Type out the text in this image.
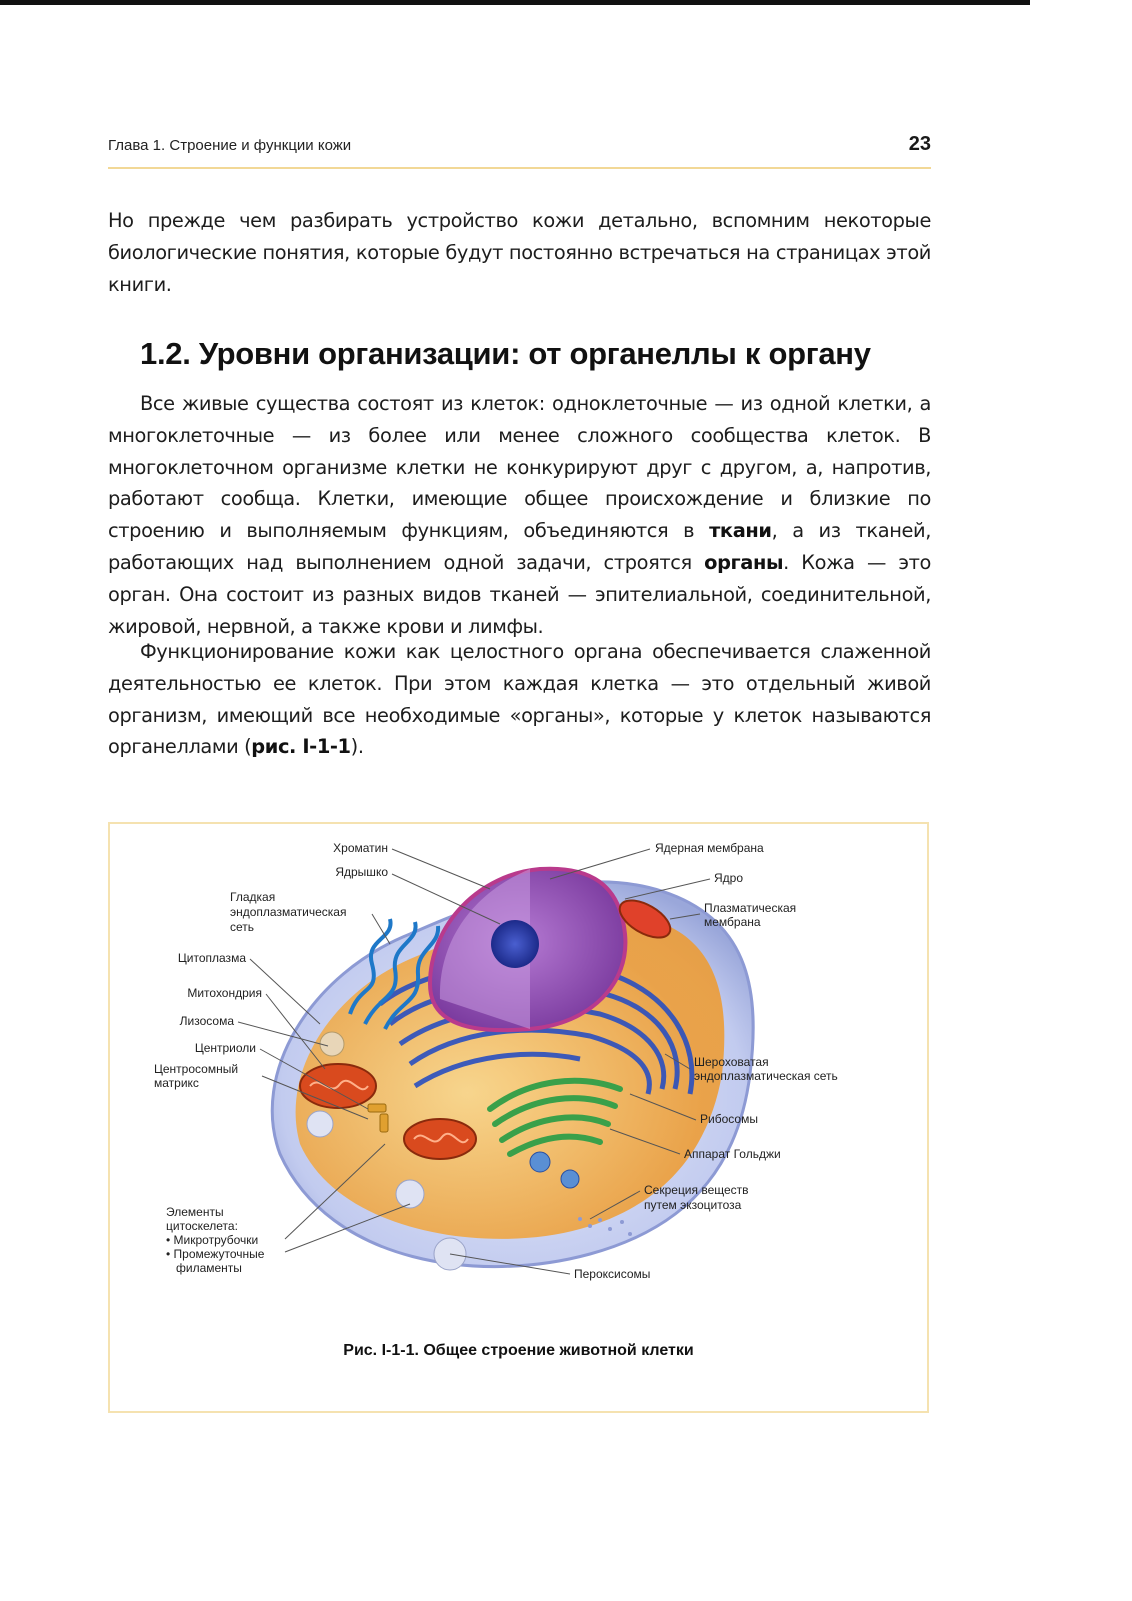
Глава 1. Строение и функции кожи	23

Но прежде чем разбирать устройство кожи детально, вспомним некоторые биологические понятия, которые будут постоянно встречаться на страницах этой книги.

1.2. Уровни организации: от органеллы к органу

Все живые существа состоят из клеток: одноклеточные — из одной клетки, а многоклеточные — из более или менее сложного сообщества клеток. В многоклеточном организме клетки не конкурируют друг с другом, а, напротив, работают сообща. Клетки, имеющие общее происхождение и близкие по строению и выполняемым функциям, объединяются в ткани, а из тканей, работающих над выполнением одной задачи, строятся органы. Кожа — это орган. Она состоит из разных видов тканей — эпителиальной, соединительной, жировой, нервной, а также крови и лимфы.

Функционирование кожи как целостного органа обеспечивается слаженной деятельностью ее клеток. При этом каждая клетка — это отдельный живой организм, имеющий все необходимые «органы», которые у клеток называются органеллами (рис. I-1-1).

Хроматин
Ядрышко
Гладкая
эндоплазматическая
сеть
Цитоплазма
Митохондрия
Лизосома
Центриоли
Центросомный
матрикс
Элементы
цитоскелета:
• Микротрубочки
• Промежуточные
филаменты
Ядерная мембрана
Ядро
Плазматическая
мембрана
Шероховатая
эндоплазматическая сеть
Рибосомы
Аппарат Гольджи
Секреция веществ
путем экзоцитоза
Пероксисомы
Рис. I-1-1. Общее строение животной клетки
